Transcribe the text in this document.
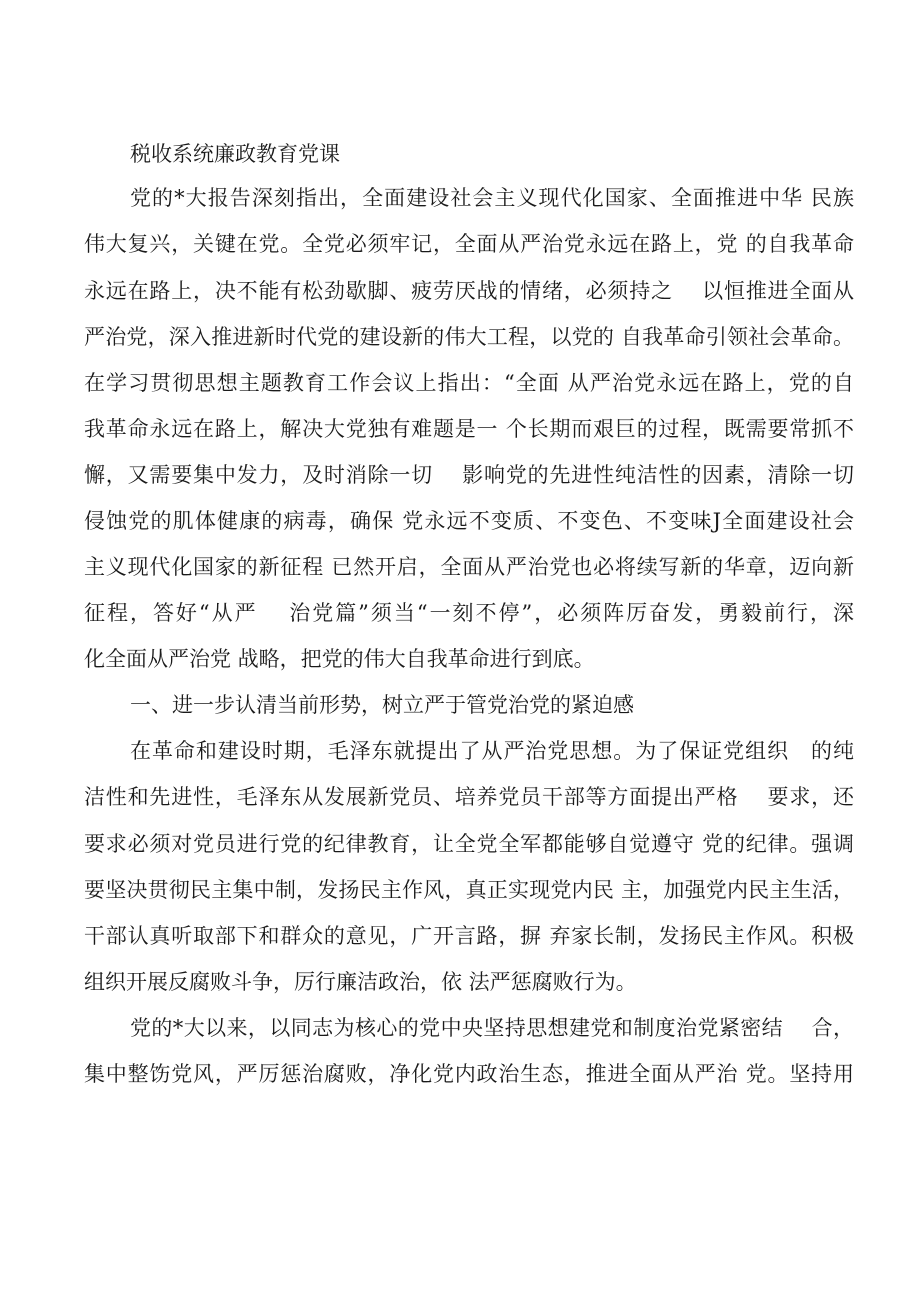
税收系统廉政教育党课
党的*大报告深刻指出，全面建设社会主义现代化国家、全面推进中华 民族
伟大复兴，关键在党。全党必须牢记，全面从严治党永远在路上，党 的自我革命
永远在路上，决不能有松劲歇脚、疲劳厌战的情绪，必须持之　 以恒推进全面从
严治党，深入推进新时代党的建设新的伟大工程，以党的 自我革命引领社会革命。
在学习贯彻思想主题教育工作会议上指出：“全面 从严治党永远在路上，党的自
我革命永远在路上，解决大党独有难题是一 个长期而艰巨的过程，既需要常抓不
懈，又需要集中发力，及时消除一切　 影响党的先进性纯洁性的因素，清除一切
侵蚀党的肌体健康的病毒，确保 党永远不变质、不变色、不变味J全面建设社会
主义现代化国家的新征程 已然开启，全面从严治党也必将续写新的华章，迈向新
征程，答好“从严　 治党篇”须当“一刻不停”，必须阵厉奋发，勇毅前行，深
化全面从严治党 战略，把党的伟大自我革命进行到底。
一、进一步认清当前形势，树立严于管党治党的紧迫感
在革命和建设时期，毛泽东就提出了从严治党思想。为了保证党组织　的纯
洁性和先进性，毛泽东从发展新党员、培养党员干部等方面提出严格　 要求，还
要求必须对党员进行党的纪律教育，让全党全军都能够自觉遵守 党的纪律。强调
要坚决贯彻民主集中制，发扬民主作风，真正实现党内民 主，加强党内民主生活，
干部认真听取部下和群众的意见，广开言路，摒 弃家长制，发扬民主作风。积极
组织开展反腐败斗争，厉行廉洁政治，依 法严惩腐败行为。
党的*大以来，以同志为核心的党中央坚持思想建党和制度治党紧密结　 合，
集中整饬党风，严厉惩治腐败，净化党内政治生态，推进全面从严治 党。坚持用
